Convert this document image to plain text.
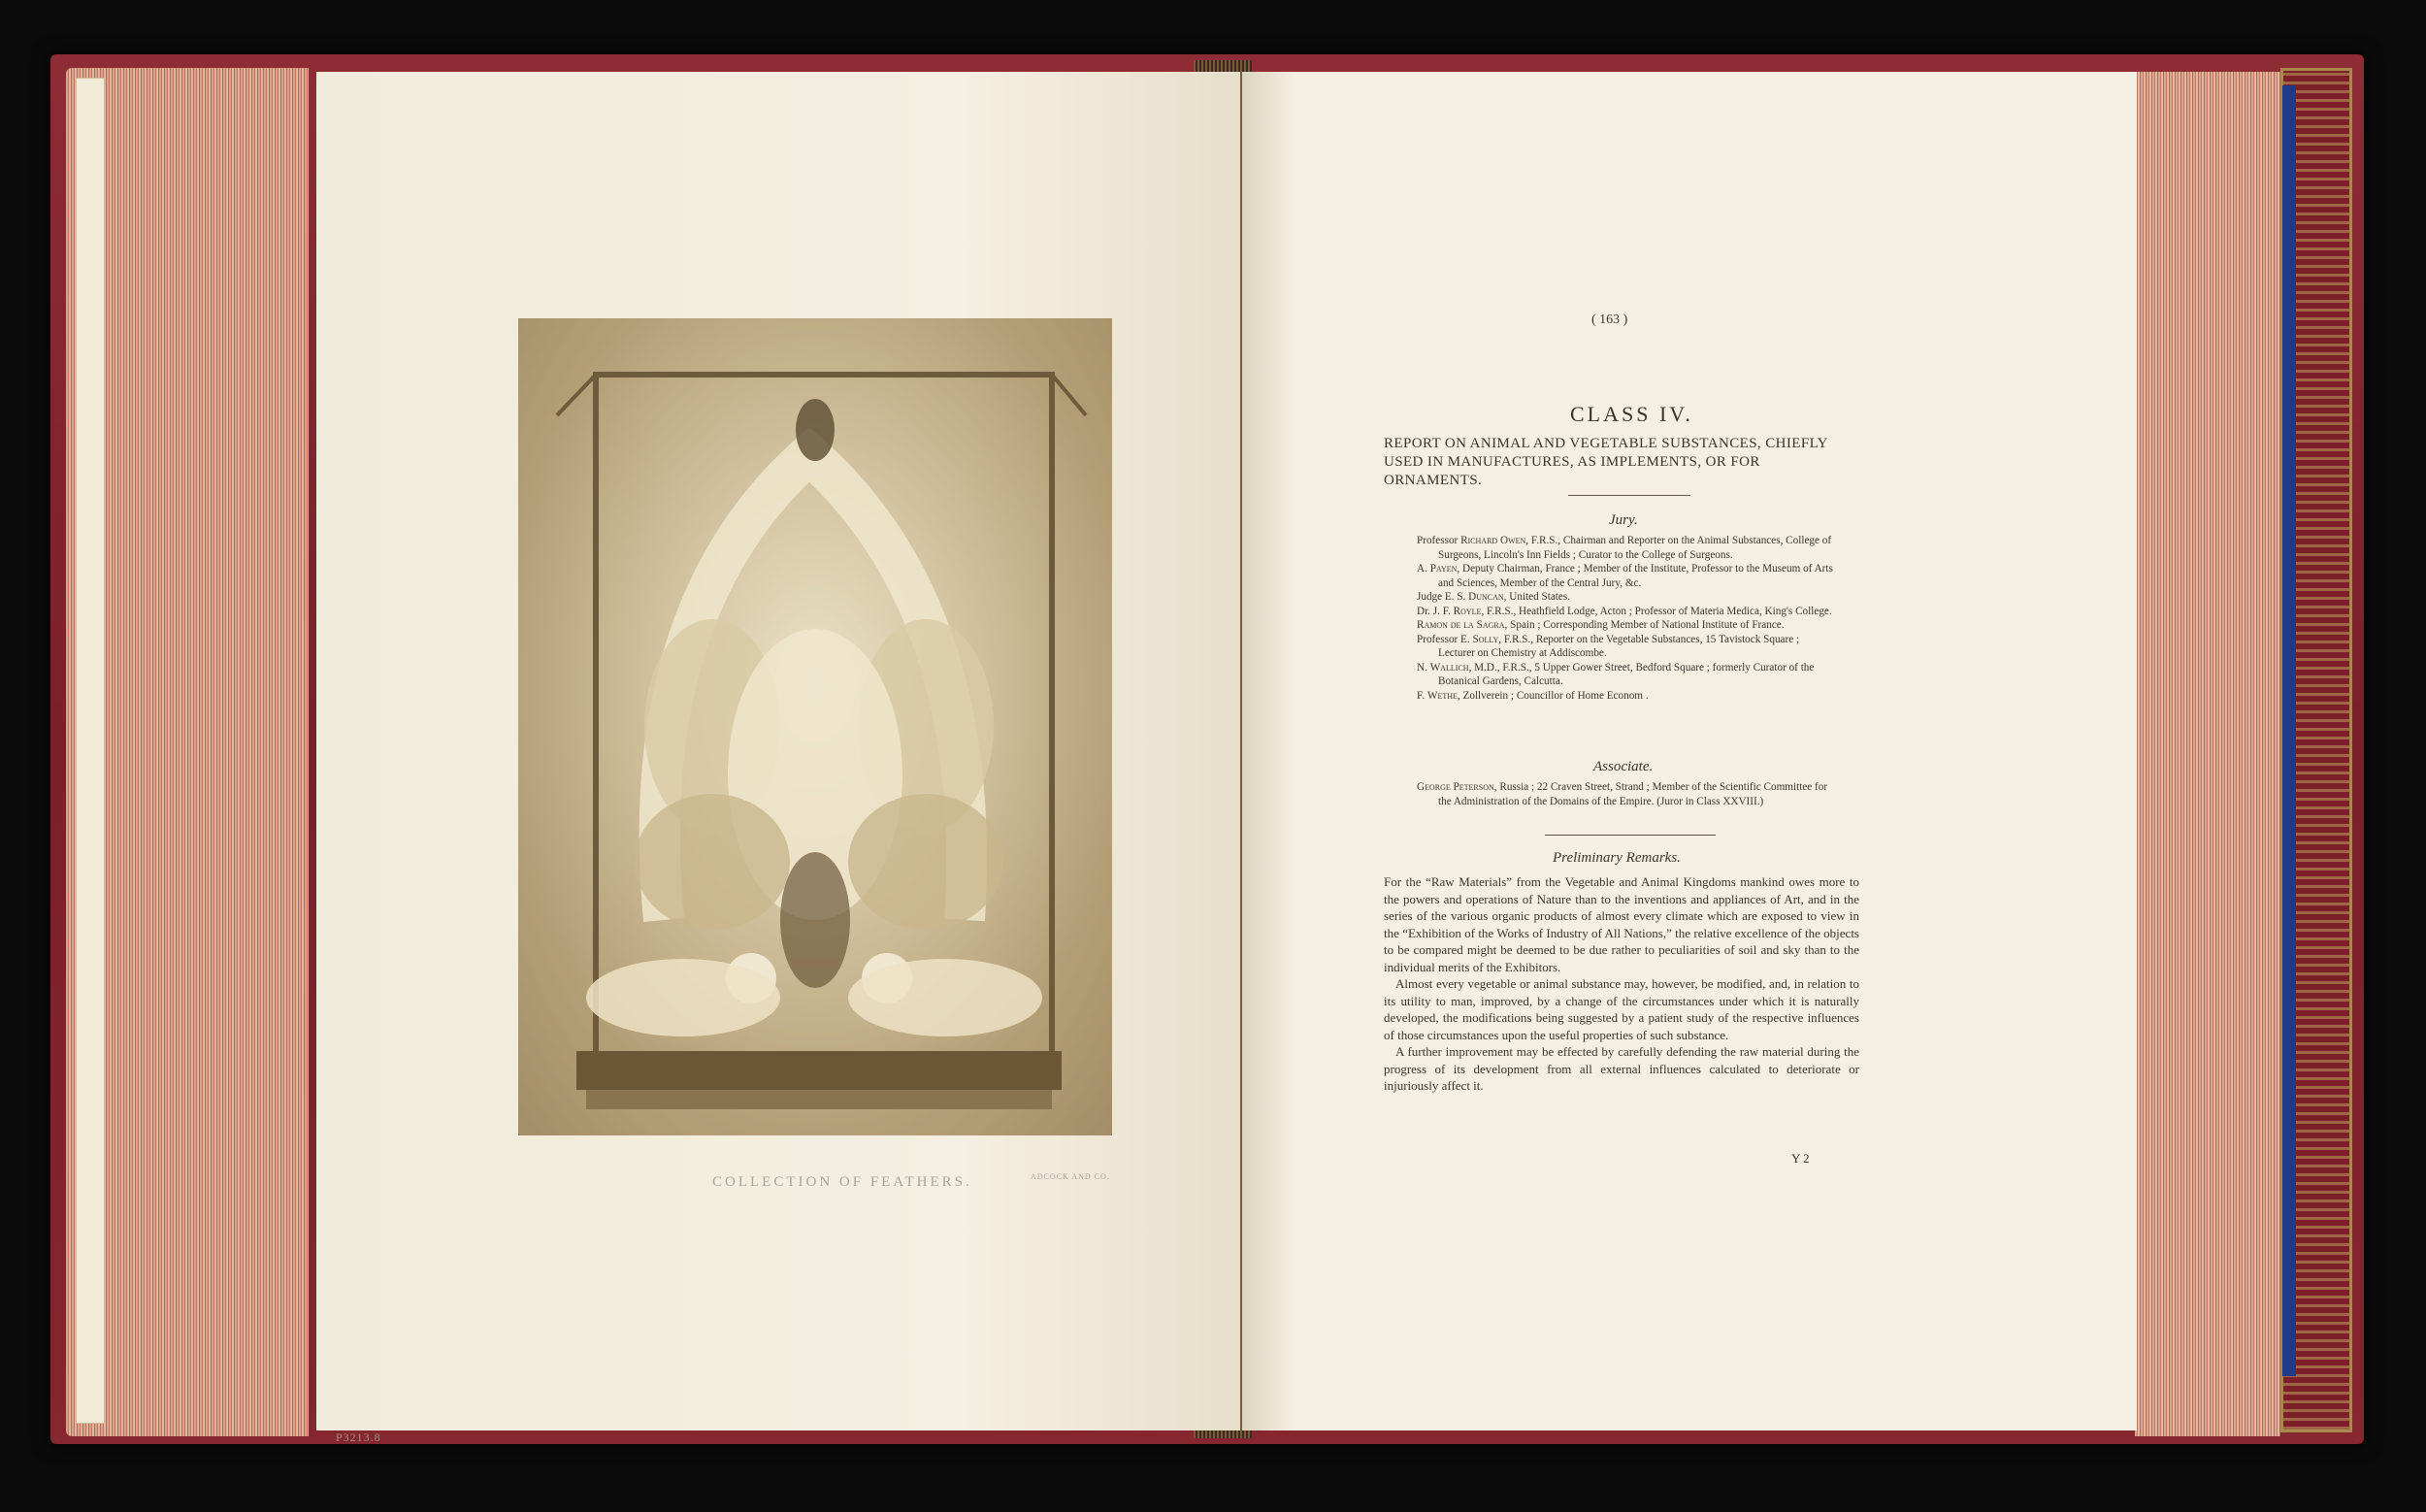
COLLECTION OF FEATHERS.	ADCOCK AND CO.
P3213.8
( 163 )
CLASS IV.
REPORT ON ANIMAL AND VEGETABLE SUBSTANCES, CHIEFLY USED IN MANUFACTURES, AS IMPLEMENTS, OR FOR ORNAMENTS.
Jury.

Professor Richard Owen, F.R.S., Chairman and Reporter on the Animal Substances, College of Surgeons, Lincoln's Inn Fields ; Curator to the College of Surgeons.

A. Payen, Deputy Chairman, France ; Member of the Institute, Professor to the Museum of Arts and Sciences, Member of the Central Jury, &c.

Judge E. S. Duncan, United States.

Dr. J. F. Royle, F.R.S., Heathfield Lodge, Acton ; Professor of Materia Medica, King's College.

Ramon de la Sagra, Spain ; Corresponding Member of National Institute of France.

Professor E. Solly, F.R.S., Reporter on the Vegetable Substances, 15 Tavistock Square ; Lecturer on Chemistry at Addiscombe.

N. Wallich, M.D., F.R.S., 5 Upper Gower Street, Bedford Square ; formerly Curator of the Botanical Gardens, Calcutta.

F. Wethe, Zollverein ; Councillor of Home Econom .

Associate.

George Peterson, Russia ; 22 Craven Street, Strand ; Member of the Scientific Committee for the Administration of the Domains of the Empire. (Juror in Class XXVIII.)

Preliminary Remarks.

For the “Raw Materials” from the Vegetable and Animal Kingdoms mankind owes more to the powers and operations of Nature than to the inventions and appliances of Art, and in the series of the various organic products of almost every climate which are exposed to view in the “Exhibition of the Works of Industry of All Nations,” the relative excellence of the objects to be compared might be deemed to be due rather to peculiarities of soil and sky than to the individual merits of the Exhibitors.

Almost every vegetable or animal substance may, however, be modified, and, in relation to its utility to man, improved, by a change of the circumstances under which it is naturally developed, the modifications being suggested by a patient study of the respective influences of those circumstances upon the useful properties of such substance.

A further improvement may be effected by carefully defending the raw material during the progress of its development from all external influences calculated to deteriorate or injuriously affect it.

Y 2
